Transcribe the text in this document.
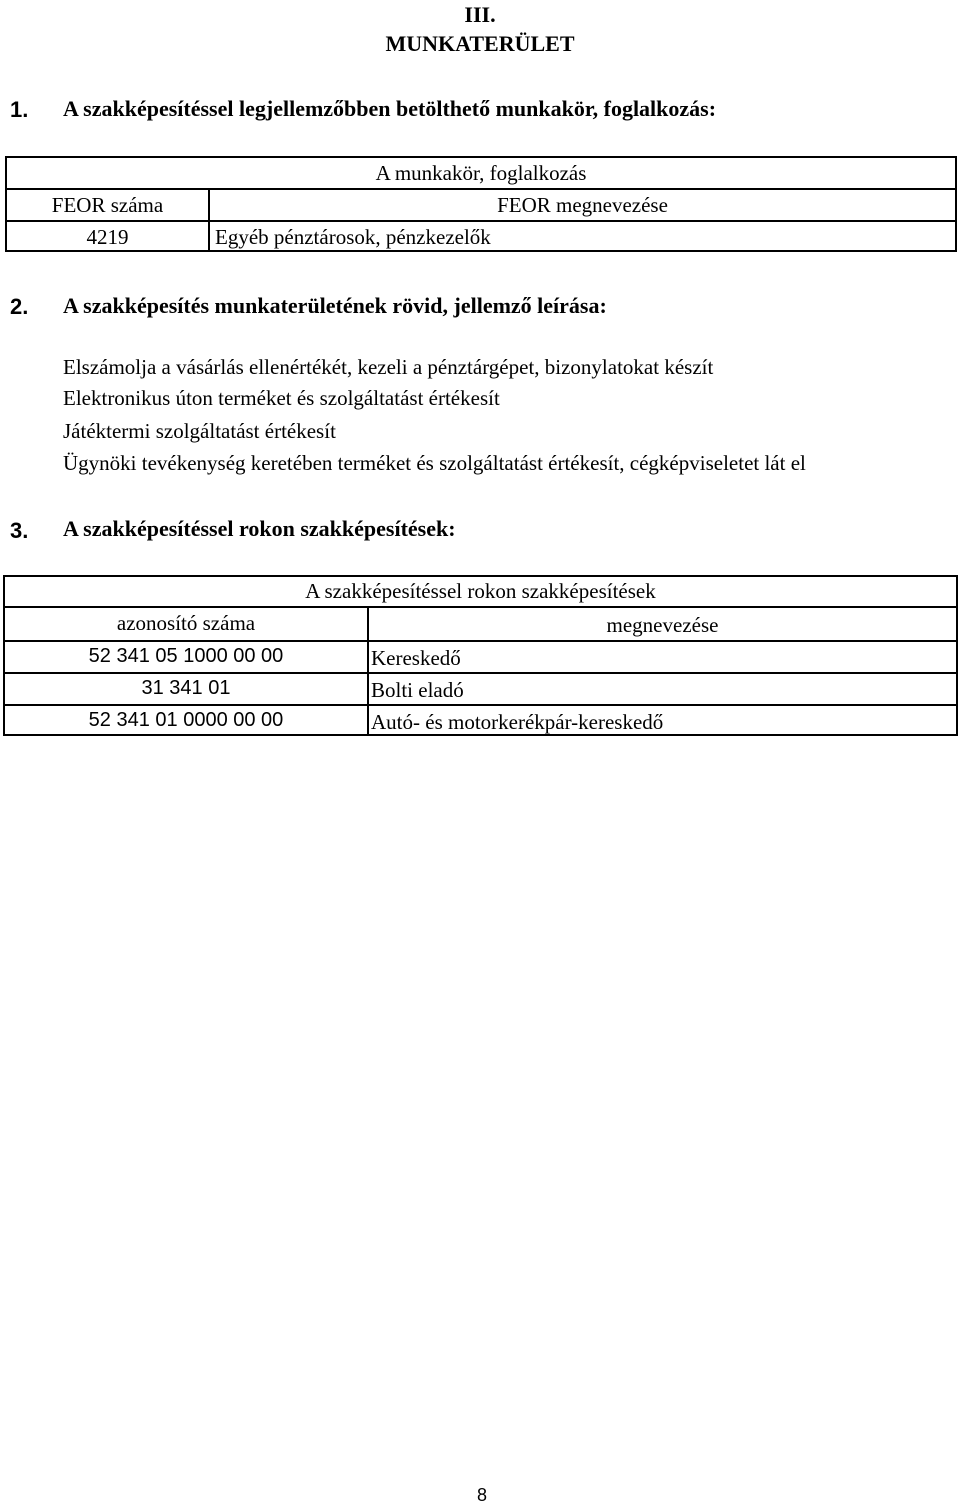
III.
MUNKATERÜLET
1. A szakképesítéssel legjellemzőbben betölthető munkakör, foglalkozás:
A munkakör, foglalkozás
FEOR száma	FEOR megnevezése
4219	Egyéb pénztárosok, pénzkezelők
2. A szakképesítés munkaterületének rövid, jellemző leírása:
Elszámolja a vásárlás ellenértékét, kezeli a pénztárgépet, bizonylatokat készít
Elektronikus úton terméket és szolgáltatást értékesít
Játéktermi szolgáltatást értékesít
Ügynöki tevékenység keretében terméket és szolgáltatást értékesít, cégképviseletet lát el
3. A szakképesítéssel rokon szakképesítések:
A szakképesítéssel rokon szakképesítések
azonosító száma	megnevezése
52 341 05 1000 00 00	Kereskedő
31 341 01	Bolti eladó
52 341 01 0000 00 00	Autó- és motorkerékpár-kereskedő
8
